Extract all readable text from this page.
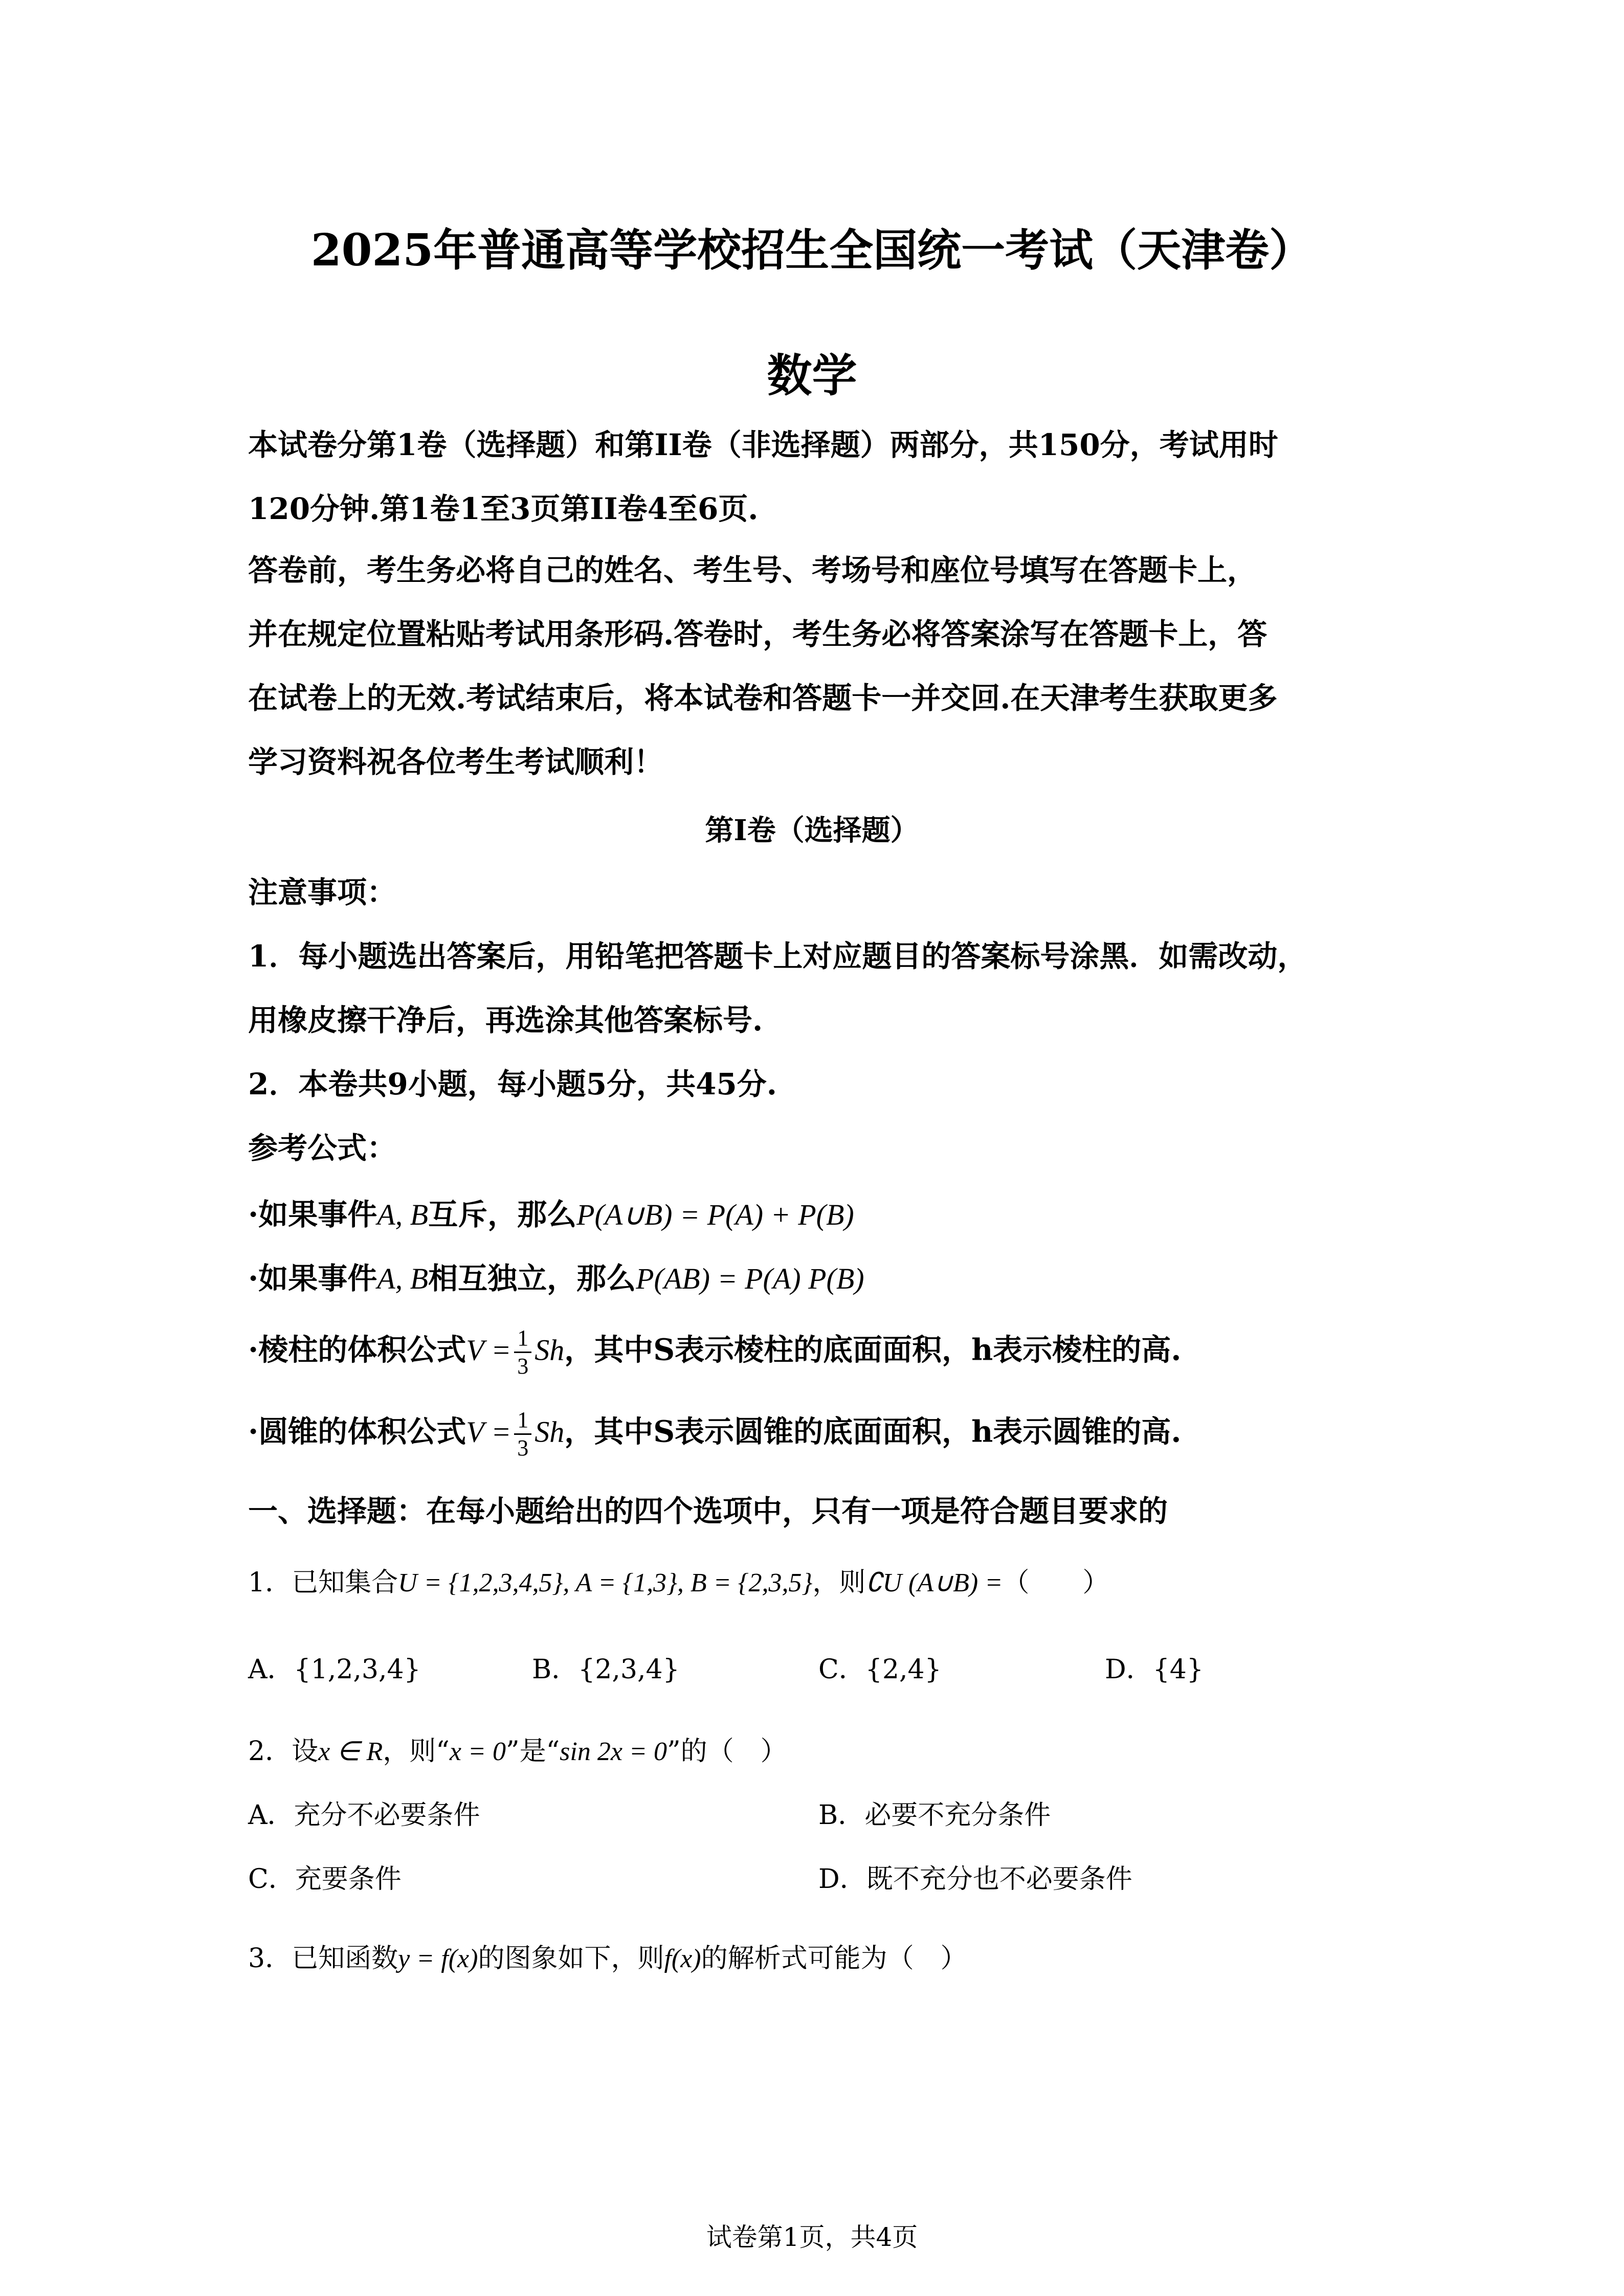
2025年普通高等学校招生全国统一考试（天津卷）
数学
本试卷分第1卷（选择题）和第II卷（非选择题）两部分，共150分，考试用时
120分钟.第1卷1至3页第II卷4至6页.
答卷前，考生务必将自己的姓名、考生号、考场号和座位号填写在答题卡上，
并在规定位置粘贴考试用条形码.答卷时，考生务必将答案涂写在答题卡上，答
在试卷上的无效.考试结束后，将本试卷和答题卡一并交回.在天津考生获取更多
学习资料祝各位考生考试顺利！
第I卷（选择题）
注意事项：
1．每小题选出答案后，用铅笔把答题卡上对应题目的答案标号涂黑．如需改动，
用橡皮擦干净后，再选涂其他答案标号.
2．本卷共9小题，每小题5分，共45分.
参考公式：
·如果事件A, B互斥，那么P(A∪B) = P(A) + P(B)
·如果事件A, B相互独立，那么P(AB) = P(A) P(B)
·棱柱的体积公式$V = \frac{1}{3}$ Sh，其中S表示棱柱的底面面积，h表示棱柱的高.
·圆锥的体积公式$V = \frac{1}{3}$ Sh，其中S表示圆锥的底面面积，h表示圆锥的高.
一、选择题：在每小题给出的四个选项中，只有一项是符合题目要求的
1．已知集合U = {1,2,3,4,5}, A = {1,3}, B = {2,3,5}，则∁U (A∪B) =（　　）
A．{1,2,3,4}	B．{2,3,4}	C．{2,4}	D．{4}
2．设x ∈ R，则“x = 0”是“sin 2x = 0”的（　）
A．充分不必要条件	B．必要不充分条件
C．充要条件	D．既不充分也不必要条件
3．已知函数y = f(x)的图象如下，则f(x)的解析式可能为（　）
试卷第1页，共4页
